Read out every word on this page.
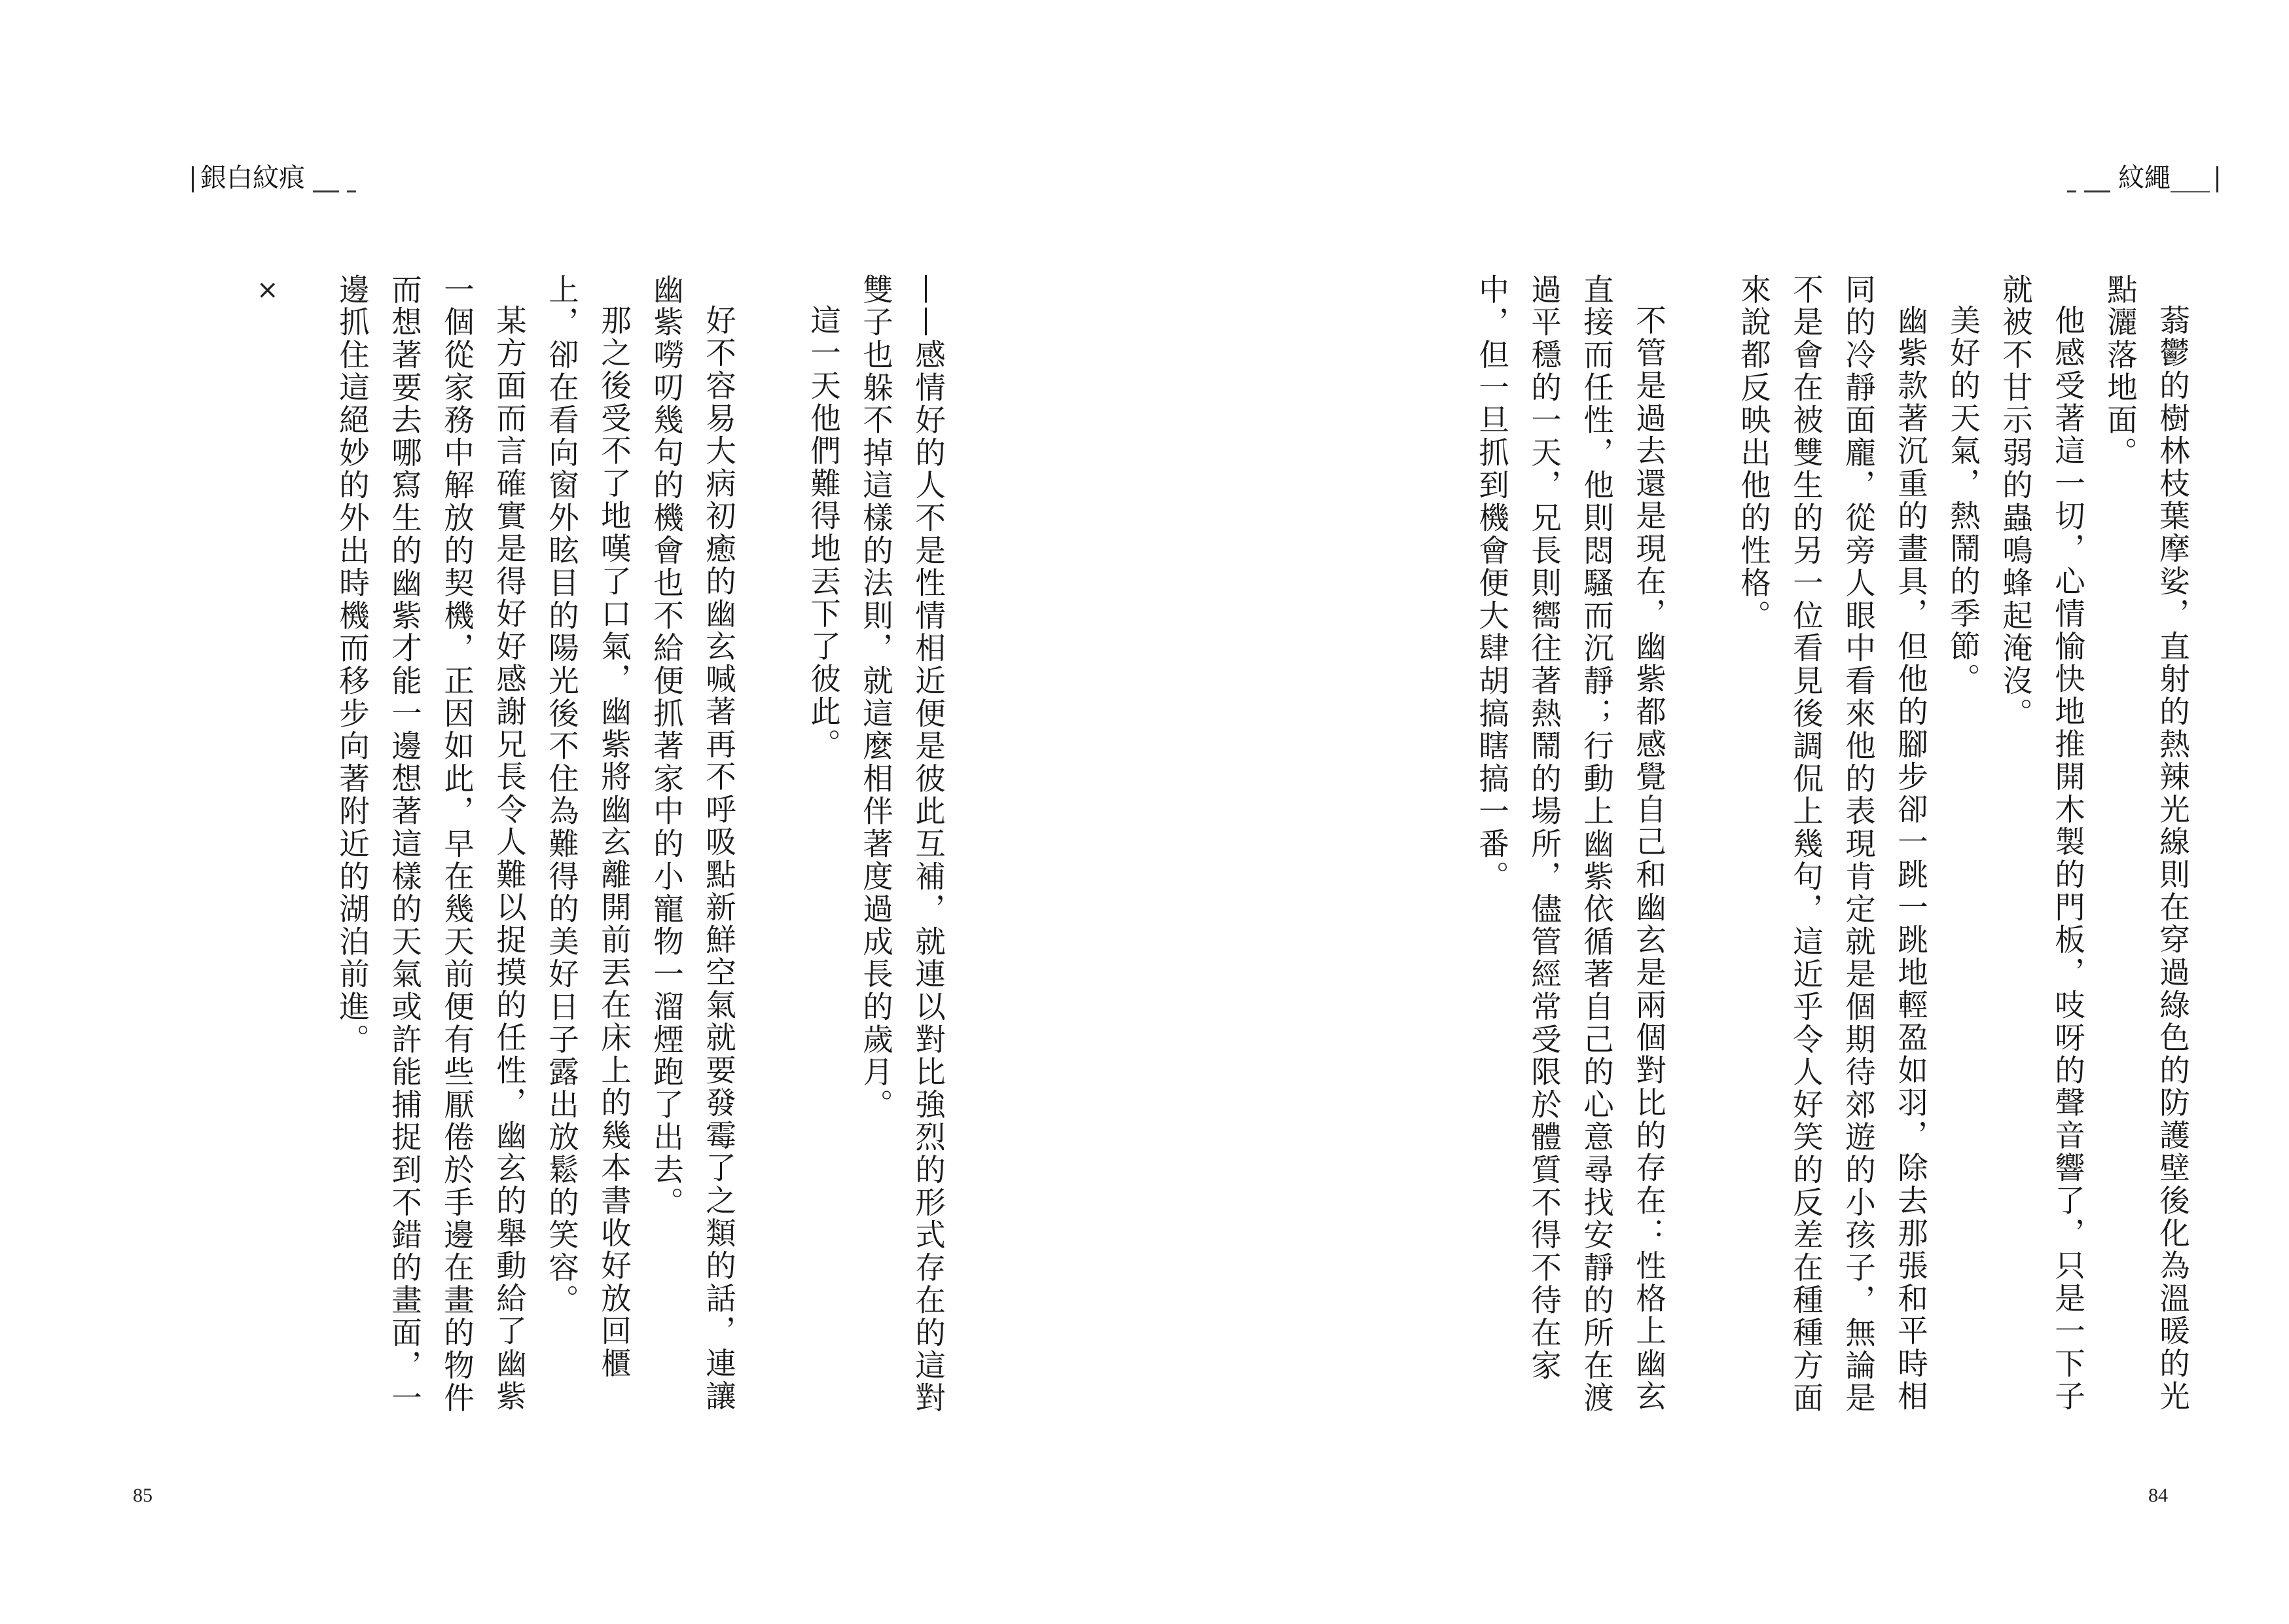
銀白紋痕
×	——感情好的人不是性情相近便是彼此互補，就連以對比強烈的形式存在的這對雙子也躲不掉這樣的法則，就這麼相伴著度過成長的歲月。

這一天他們難得地丟下了彼此。

好不容易大病初癒的幽玄喊著再不呼吸點新鮮空氣就要發霉了之類的話，連讓幽紫嘮叨幾句的機會也不給便抓著家中的小寵物一溜煙跑了出去。

那之後受不了地嘆了口氣，幽紫將幽玄離開前丟在床上的幾本書收好放回櫃上，卻在看向窗外眩目的陽光後不住為難得的美好日子露出放鬆的笑容。

某方面而言確實是得好好感謝兄長令人難以捉摸的任性，幽玄的舉動給了幽紫一個從家務中解放的契機，正因如此，早在幾天前便有些厭倦於手邊在畫的物件而想著要去哪寫生的幽紫才能一邊想著這樣的天氣或許能捕捉到不錯的畫面，一邊抓住這絕妙的外出時機而移步向著附近的湖泊前進。

85
紋繩

蓊鬱的樹林枝葉摩娑，直射的熱辣光線則在穿過綠色的防護壁後化為溫暖的光點灑落地面。

他感受著這一切，心情愉快地推開木製的門板，吱呀的聲音響了，只是一下子就被不甘示弱的蟲鳴蜂起淹沒。

美好的天氣，熱鬧的季節。

幽紫款著沉重的畫具，但他的腳步卻一跳一跳地輕盈如羽，除去那張和平時相同的冷靜面龐，從旁人眼中看來他的表現肯定就是個期待郊遊的小孩子，無論是不是會在被雙生的另一位看見後調侃上幾句，這近乎令人好笑的反差在種種方面來說都反映出他的性格。

不管是過去還是現在，幽紫都感覺自己和幽玄是兩個對比的存在：性格上幽玄直接而任性，他則悶騷而沉靜；行動上幽紫依循著自己的心意尋找安靜的所在渡過平穩的一天，兄長則嚮往著熱鬧的場所，儘管經常受限於體質不得不待在家中，但一旦抓到機會便大肆胡搞瞎搞一番。

84
